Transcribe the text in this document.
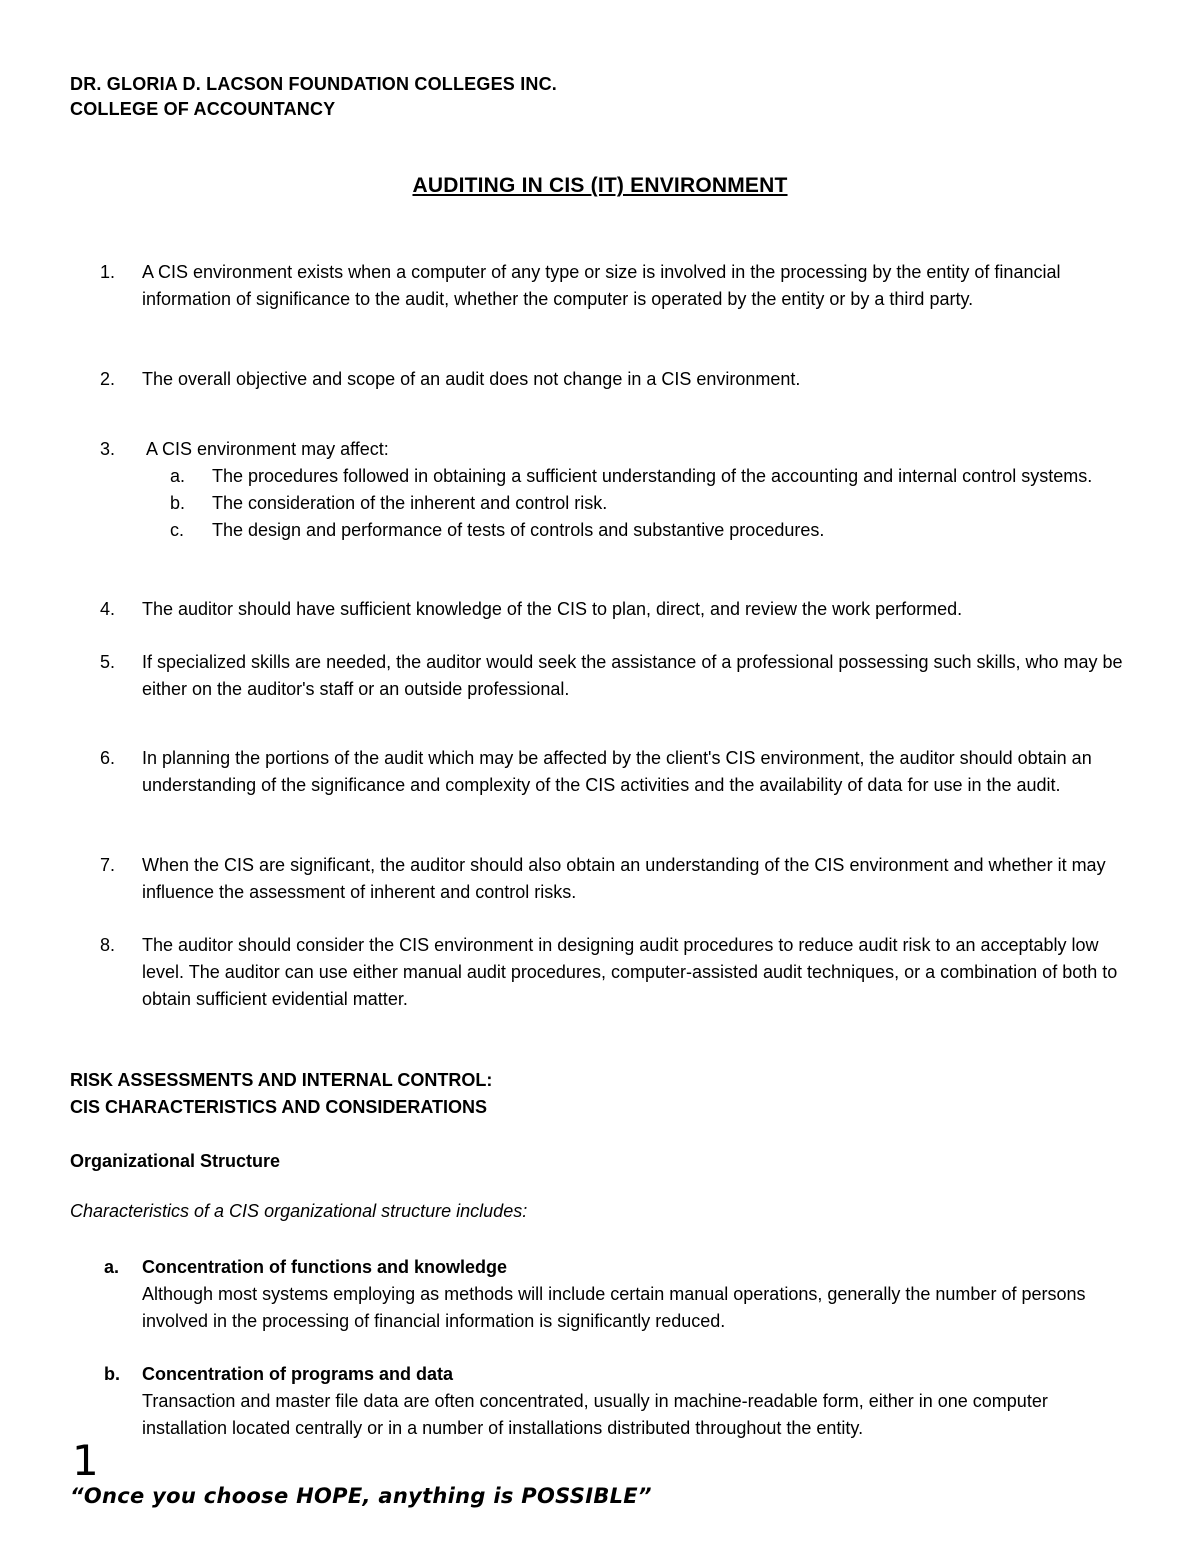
DR. GLORIA D. LACSON FOUNDATION COLLEGES INC.
COLLEGE OF ACCOUNTANCY
AUDITING IN CIS (IT) ENVIRONMENT
1.	A CIS environment exists when a computer of any type or size is involved in the processing by the entity of financial information of significance to the audit, whether the computer is operated by the entity or by a third party.
2.	The overall objective and scope of an audit does not change in a CIS environment.
3.	A CIS environment may affect:
a.	The procedures followed in obtaining a sufficient understanding of the accounting and internal control systems.
b.	The consideration of the inherent and control risk.
c.	The design and performance of tests of controls and substantive procedures.
4.	The auditor should have sufficient knowledge of the CIS to plan, direct, and review the work performed.
5.	If specialized skills are needed, the auditor would seek the assistance of a professional possessing such skills, who may be either on the auditor's staff or an outside professional.
6.	In planning the portions of the audit which may be affected by the client's CIS environment, the auditor should obtain an understanding of the significance and complexity of the CIS activities and the availability of data for use in the audit.
7.	When the CIS are significant, the auditor should also obtain an understanding of the CIS environment and whether it may influence the assessment of inherent and control risks.
8.	The auditor should consider the CIS environment in designing audit procedures to reduce audit risk to an acceptably low level. The auditor can use either manual audit procedures, computer-assisted audit techniques, or a combination of both to obtain sufficient evidential matter.
RISK ASSESSMENTS AND INTERNAL CONTROL:
CIS CHARACTERISTICS AND CONSIDERATIONS
Organizational Structure
Characteristics of a CIS organizational structure includes:
a. Concentration of functions and knowledge
Although most systems employing as methods will include certain manual operations, generally the number of persons involved in the processing of financial information is significantly reduced.
b. Concentration of programs and data
Transaction and master file data are often concentrated, usually in machine-readable form, either in one computer installation located centrally or in a number of installations distributed throughout the entity.
1
“Once you choose HOPE, anything is POSSIBLE”
